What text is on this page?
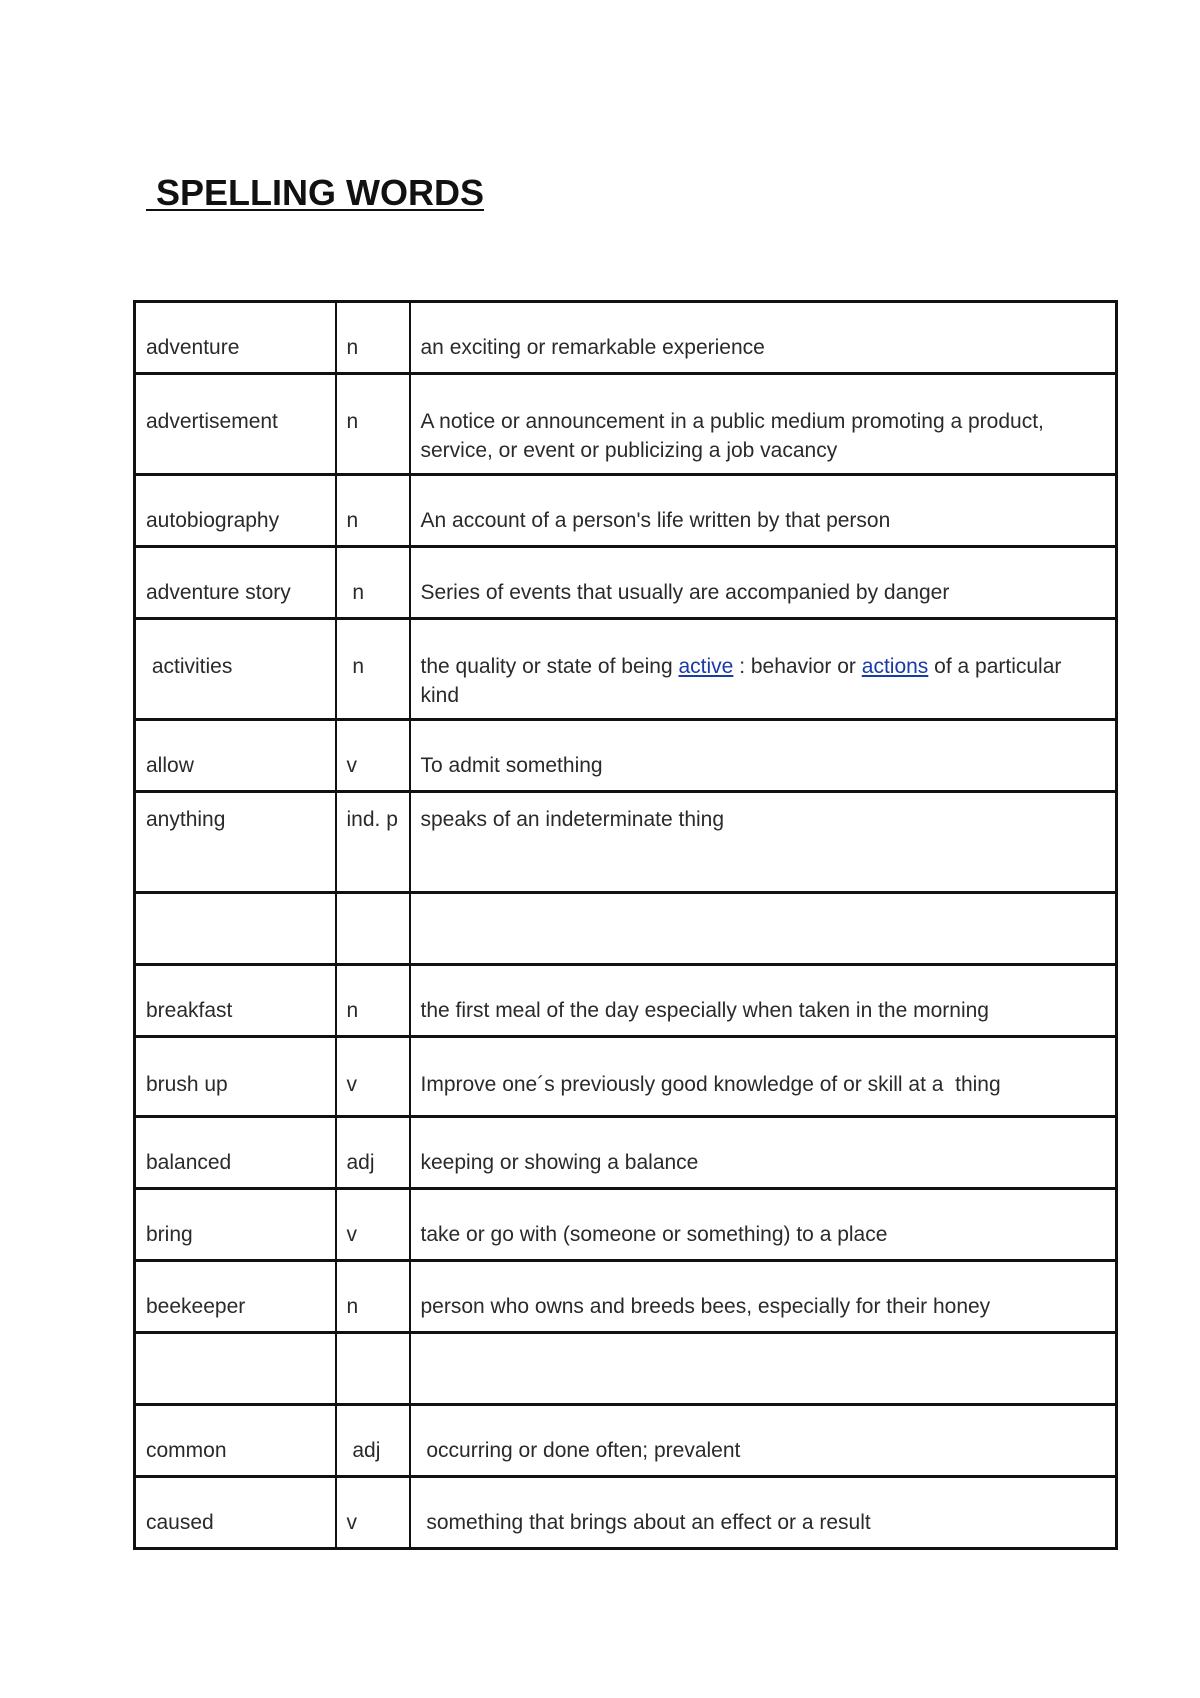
SPELLING WORDS
adventure	n	an exciting or remarkable experience
advertisement	n	A notice or announcement in a public medium promoting a product, service, or event or publicizing a job vacancy
autobiography	n	An account of a person's life written by that person
adventure story	n	Series of events that usually are accompanied by danger
activities	n	the quality or state of being active : behavior or actions of a particular kind
allow	v	To admit something
anything	ind. p	speaks of an indeterminate thing

breakfast	n	the first meal of the day especially when taken in the morning
brush up	v	Improve one´s previously good knowledge of or skill at a  thing
balanced	adj	keeping or showing a balance
bring	v	take or go with (someone or something) to a place
beekeeper	n	person who owns and breeds bees, especially for their honey

common	adj	occurring or done often; prevalent
caused	v	something that brings about an effect or a result
